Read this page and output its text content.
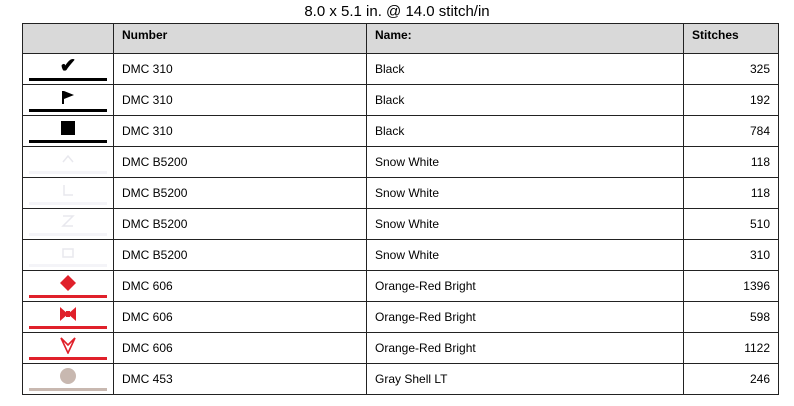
8.0 x 5.1 in. @ 14.0 stitch/in
	Number	Name:	Stitches

✔	DMC 310	Black	325

	DMC 310	Black	192

	DMC 310	Black	784

	DMC B5200	Snow White	118

	DMC B5200	Snow White	118

	DMC B5200	Snow White	510

	DMC B5200	Snow White	310

	DMC 606	Orange-Red Bright	1396

	DMC 606	Orange-Red Bright	598

	DMC 606	Orange-Red Bright	1122

	DMC 453	Gray Shell LT	246
